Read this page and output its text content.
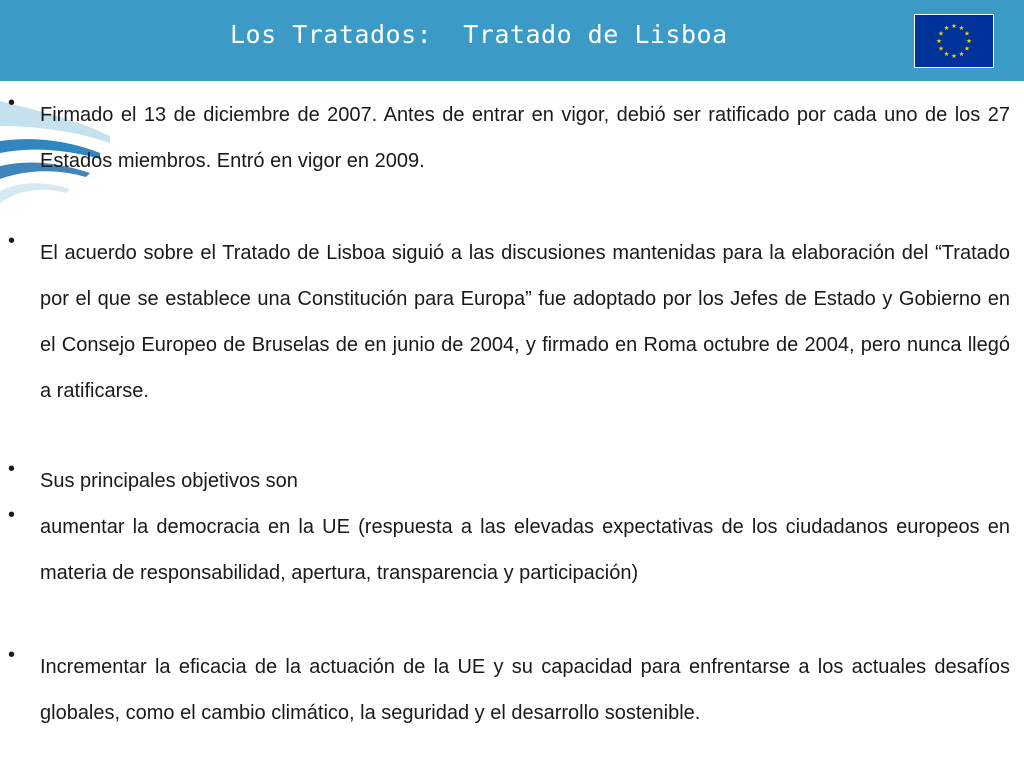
Los Tratados:  Tratado de Lisboa
•
Firmado el 13 de diciembre de 2007. Antes de entrar en vigor, debió ser ratificado por cada uno de los 27 Estados miembros. Entró en vigor en 2009.
•
El acuerdo sobre el Tratado de Lisboa siguió a las discusiones mantenidas para la elaboración del “Tratado por el que se establece una Constitución para Europa” fue adoptado por los Jefes de Estado y Gobierno en el Consejo Europeo de Bruselas de en junio de 2004, y firmado en Roma octubre de 2004, pero nunca llegó a ratificarse.
•
Sus principales objetivos son
•
aumentar la democracia en la UE (respuesta a las elevadas expectativas de los ciudadanos europeos en materia de responsabilidad, apertura, transparencia y participación)
•
Incrementar la eficacia de la actuación de la UE y su capacidad para enfrentarse a los actuales desafíos globales, como el cambio climático, la seguridad y el desarrollo sostenible.
